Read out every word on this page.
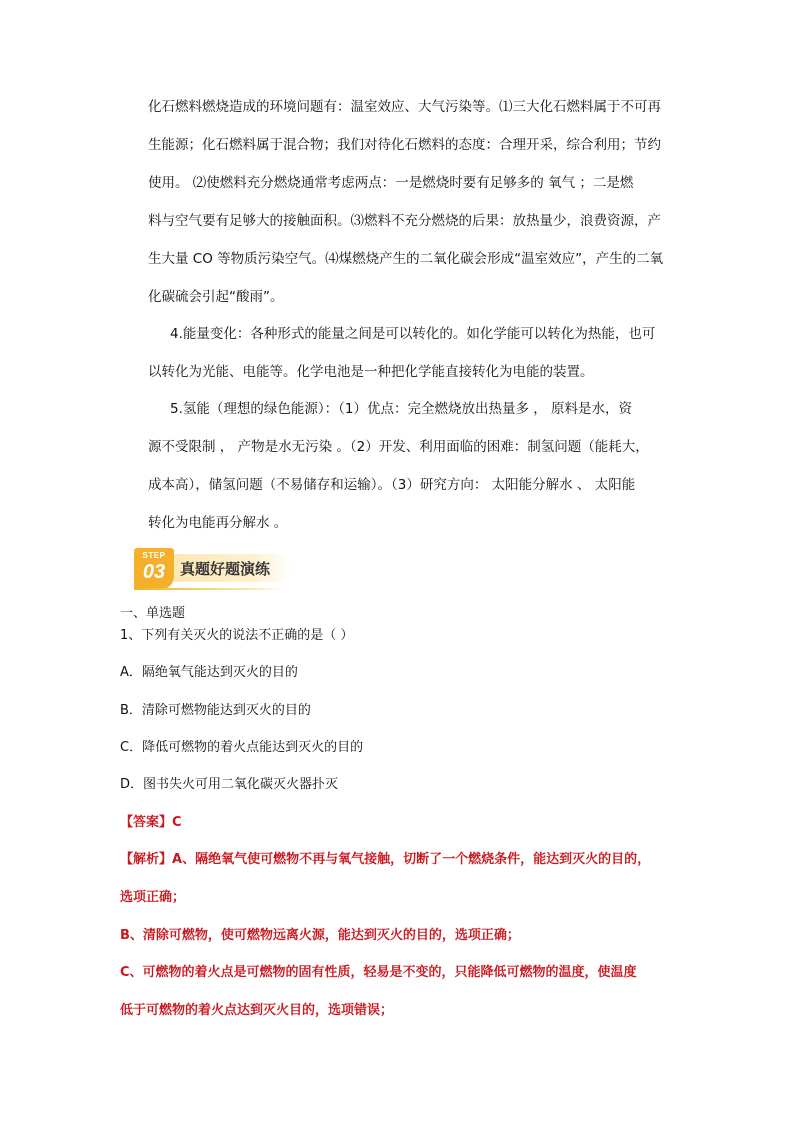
化石燃料燃烧造成的环境问题有：温室效应、大气污染等。⑴三大化石燃料属于不可再
生能源；化石燃料属于混合物；我们对待化石燃料的态度：合理开采，综合利用；节约
使用。 ⑵使燃料充分燃烧通常考虑两点：一是燃烧时要有足够多的 氧气 ；二是燃
料与空气要有足够大的接触面积。⑶燃料不充分燃烧的后果：放热量少，浪费资源，产
生大量 CO 等物质污染空气。⑷煤燃烧产生的二氧化碳会形成“温室效应”，产生的二氧
化碳硫会引起“酸雨”。
4.能量变化：各种形式的能量之间是可以转化的。如化学能可以转化为热能，也可
以转化为光能、电能等。化学电池是一种把化学能直接转化为电能的装置。
5.氢能（理想的绿色能源）：（1）优点：完全燃烧放出热量多 ， 原料是水，资
源不受限制 ， 产物是水无污染 。（2）开发、利用面临的困难：制氢问题（能耗大，
成本高），储氢问题（不易储存和运输）。（3）研究方向： 太阳能分解水 、 太阳能
转化为电能再分解水 。
STEP
03 真题好题演练
一、单选题
1、下列有关灭火的说法不正确的是（ ）
A．隔绝氧气能达到灭火的目的
B．清除可燃物能达到灭火的目的
C．降低可燃物的着火点能达到灭火的目的
D．图书失火可用二氧化碳灭火器扑灭
【答案】C
【解析】A、隔绝氧气使可燃物不再与氧气接触，切断了一个燃烧条件，能达到灭火的目的，
选项正确；
B、清除可燃物，使可燃物远离火源，能达到灭火的目的，选项正确；
C、可燃物的着火点是可燃物的固有性质，轻易是不变的，只能降低可燃物的温度，使温度
低于可燃物的着火点达到灭火目的，选项错误；
